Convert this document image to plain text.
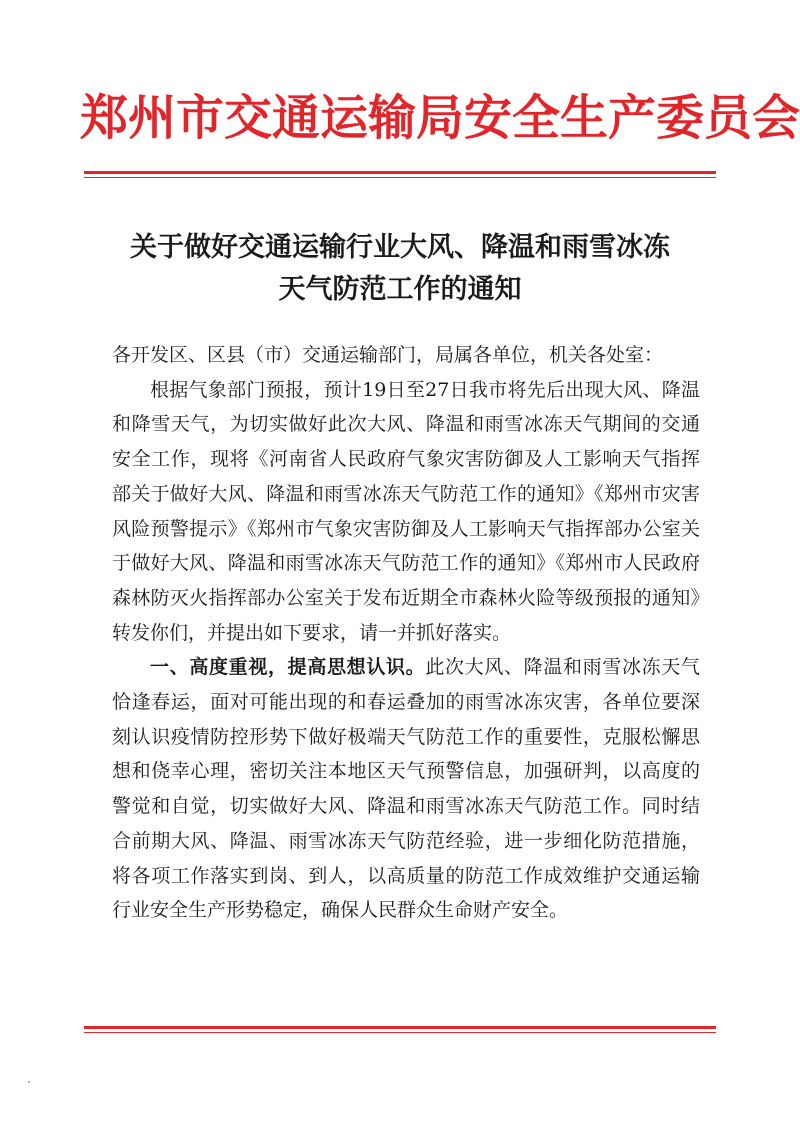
郑州市交通运输局安全生产委员会
关于做好交通运输行业大风、降温和雨雪冰冻
天气防范工作的通知

各开发区、区县（市）交通运输部门，局属各单位，机关各处室：

根据气象部门预报，预计19日至27日我市将先后出现大风、降温和降雪天气，为切实做好此次大风、降温和雨雪冰冻天气期间的交通安全工作，现将《河南省人民政府气象灾害防御及人工影响天气指挥部关于做好大风、降温和雨雪冰冻天气防范工作的通知》《郑州市灾害风险预警提示》《郑州市气象灾害防御及人工影响天气指挥部办公室关于做好大风、降温和雨雪冰冻天气防范工作的通知》《郑州市人民政府森林防灭火指挥部办公室关于发布近期全市森林火险等级预报的通知》转发你们，并提出如下要求，请一并抓好落实。

一、高度重视，提高思想认识。此次大风、降温和雨雪冰冻天气恰逢春运，面对可能出现的和春运叠加的雨雪冰冻灾害，各单位要深刻认识疫情防控形势下做好极端天气防范工作的重要性，克服松懈思想和侥幸心理，密切关注本地区天气预警信息，加强研判，以高度的警觉和自觉，切实做好大风、降温和雨雪冰冻天气防范工作。同时结合前期大风、降温、雨雪冰冻天气防范经验，进一步细化防范措施，将各项工作落实到岗、到人，以高质量的防范工作成效维护交通运输行业安全生产形势稳定，确保人民群众生命财产安全。
